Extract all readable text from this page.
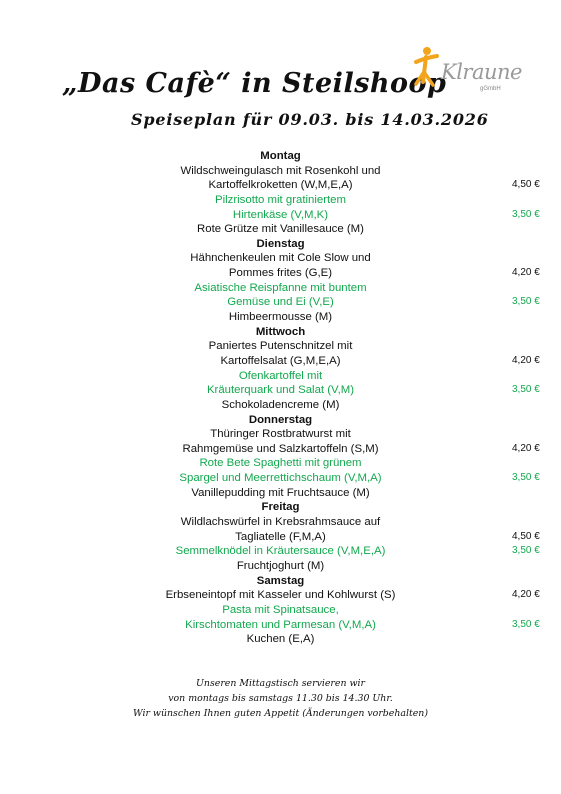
„Das Cafè“ in Steilshoop
Speiseplan für 09.03. bis 14.03.2026
Klraune
gGmbH
Montag
Wildschweingulasch mit Rosenkohl und
Kartoffelkroketten (W,M,E,A)	4,50 €
Pilzrisotto mit gratiniertem
Hirtenkäse (V,M,K)	3,50 €
Rote Grütze mit Vanillesauce (M)
Dienstag
Hähnchenkeulen mit Cole Slow und
Pommes frites (G,E)	4,20 €
Asiatische Reispfanne mit buntem
Gemüse und Ei (V,E)	3,50 €
Himbeermousse (M)
Mittwoch
Paniertes Putenschnitzel mit
Kartoffelsalat (G,M,E,A)	4,20 €
Ofenkartoffel mit
Kräuterquark und Salat (V,M)	3,50 €
Schokoladencreme (M)
Donnerstag
Thüringer Rostbratwurst mit
Rahmgemüse und Salzkartoffeln (S,M)	4,20 €
Rote Bete Spaghetti mit grünem
Spargel und Meerrettichschaum (V,M,A)	3,50 €
Vanillepudding mit Fruchtsauce (M)
Freitag
Wildlachswürfel in Krebsrahmsauce auf
Tagliatelle (F,M,A)	4,50 €
Semmelknödel in Kräutersauce (V,M,E,A)	3,50 €
Fruchtjoghurt (M)
Samstag
Erbseneintopf mit Kasseler und Kohlwurst (S)	4,20 €
Pasta mit Spinatsauce,
Kirschtomaten und Parmesan (V,M,A)	3,50 €
Kuchen (E,A)
Unseren Mittagstisch servieren wir
von montags bis samstags 11.30 bis 14.30 Uhr.
Wir wünschen Ihnen guten Appetit (Änderungen vorbehalten)
